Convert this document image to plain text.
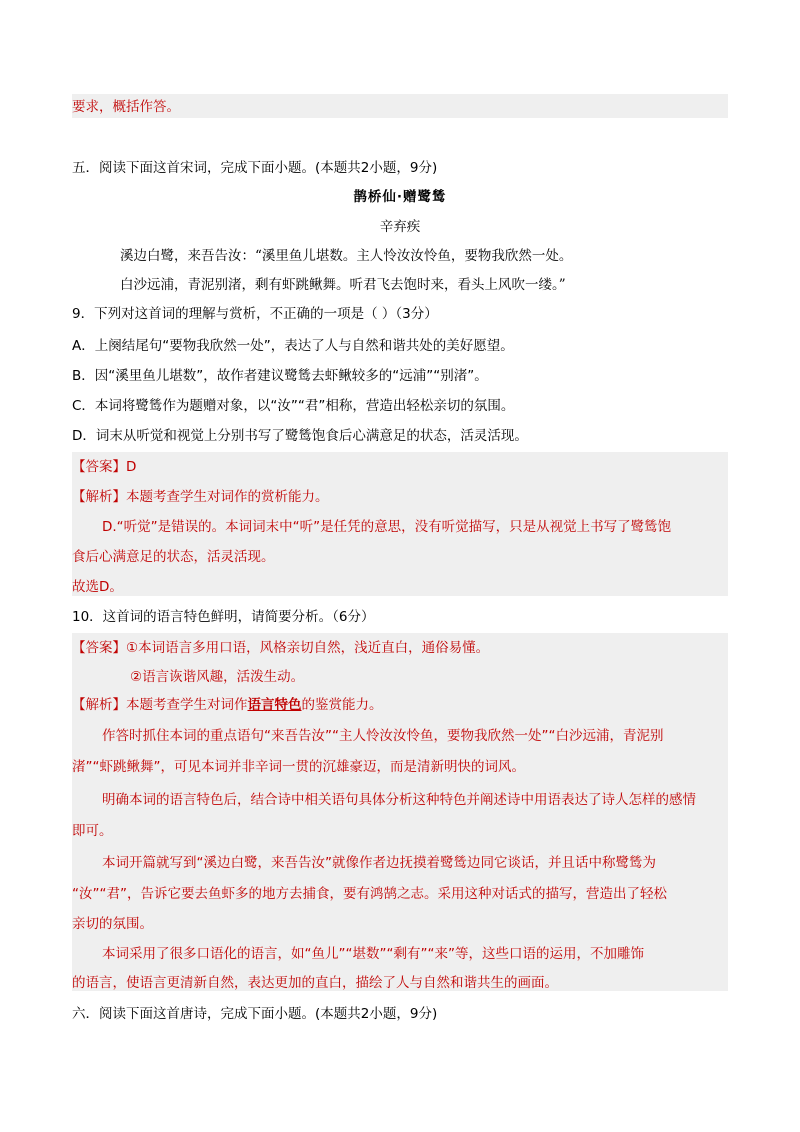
要求，概括作答。
五．阅读下面这首宋词，完成下面小题。(本题共2小题，9分)
鹊桥仙·赠鹭鸶
辛弃疾
溪边白鹭，来吾告汝：“溪里鱼儿堪数。主人怜汝汝怜鱼，要物我欣然一处。
白沙远浦，青泥别渚，剩有虾跳鳅舞。听君飞去饱时来，看头上风吹一缕。”
9．下列对这首词的理解与赏析，不正确的一项是（ ）（3分）
A．上阕结尾句“要物我欣然一处”，表达了人与自然和谐共处的美好愿望。
B．因“溪里鱼儿堪数”，故作者建议鹭鸶去虾鳅较多的“远浦”“别渚”。
C．本词将鹭鸶作为题赠对象，以“汝”“君”相称，营造出轻松亲切的氛围。
D．词末从听觉和视觉上分别书写了鹭鸶饱食后心满意足的状态，活灵活现。
【答案】D
【解析】本题考查学生对词作的赏析能力。
D.“听觉”是错误的。本词词末中“听”是任凭的意思，没有听觉描写，只是从视觉上书写了鹭鸶饱
食后心满意足的状态，活灵活现。
故选D。
10．这首词的语言特色鲜明，请简要分析。（6分）
【答案】①本词语言多用口语，风格亲切自然，浅近直白，通俗易懂。
②语言诙谐风趣，活泼生动。
【解析】本题考查学生对词作语言特色的鉴赏能力。
作答时抓住本词的重点语句“来吾告汝”“主人怜汝汝怜鱼，要物我欣然一处”“白沙远浦，青泥别
渚”“虾跳鳅舞”，可见本词并非辛词一贯的沉雄豪迈，而是清新明快的词风。
明确本词的语言特色后，结合诗中相关语句具体分析这种特色并阐述诗中用语表达了诗人怎样的感情
即可。
本词开篇就写到“溪边白鹭，来吾告汝”就像作者边抚摸着鹭鸶边同它谈话，并且话中称鹭鸶为
“汝”“君”，告诉它要去鱼虾多的地方去捕食，要有鸿鹄之志。采用这种对话式的描写，营造出了轻松
亲切的氛围。
本词采用了很多口语化的语言，如“鱼儿”“堪数”“剩有”“来”等，这些口语的运用，不加雕饰
的语言，使语言更清新自然，表达更加的直白，描绘了人与自然和谐共生的画面。
六．阅读下面这首唐诗，完成下面小题。(本题共2小题，9分)
